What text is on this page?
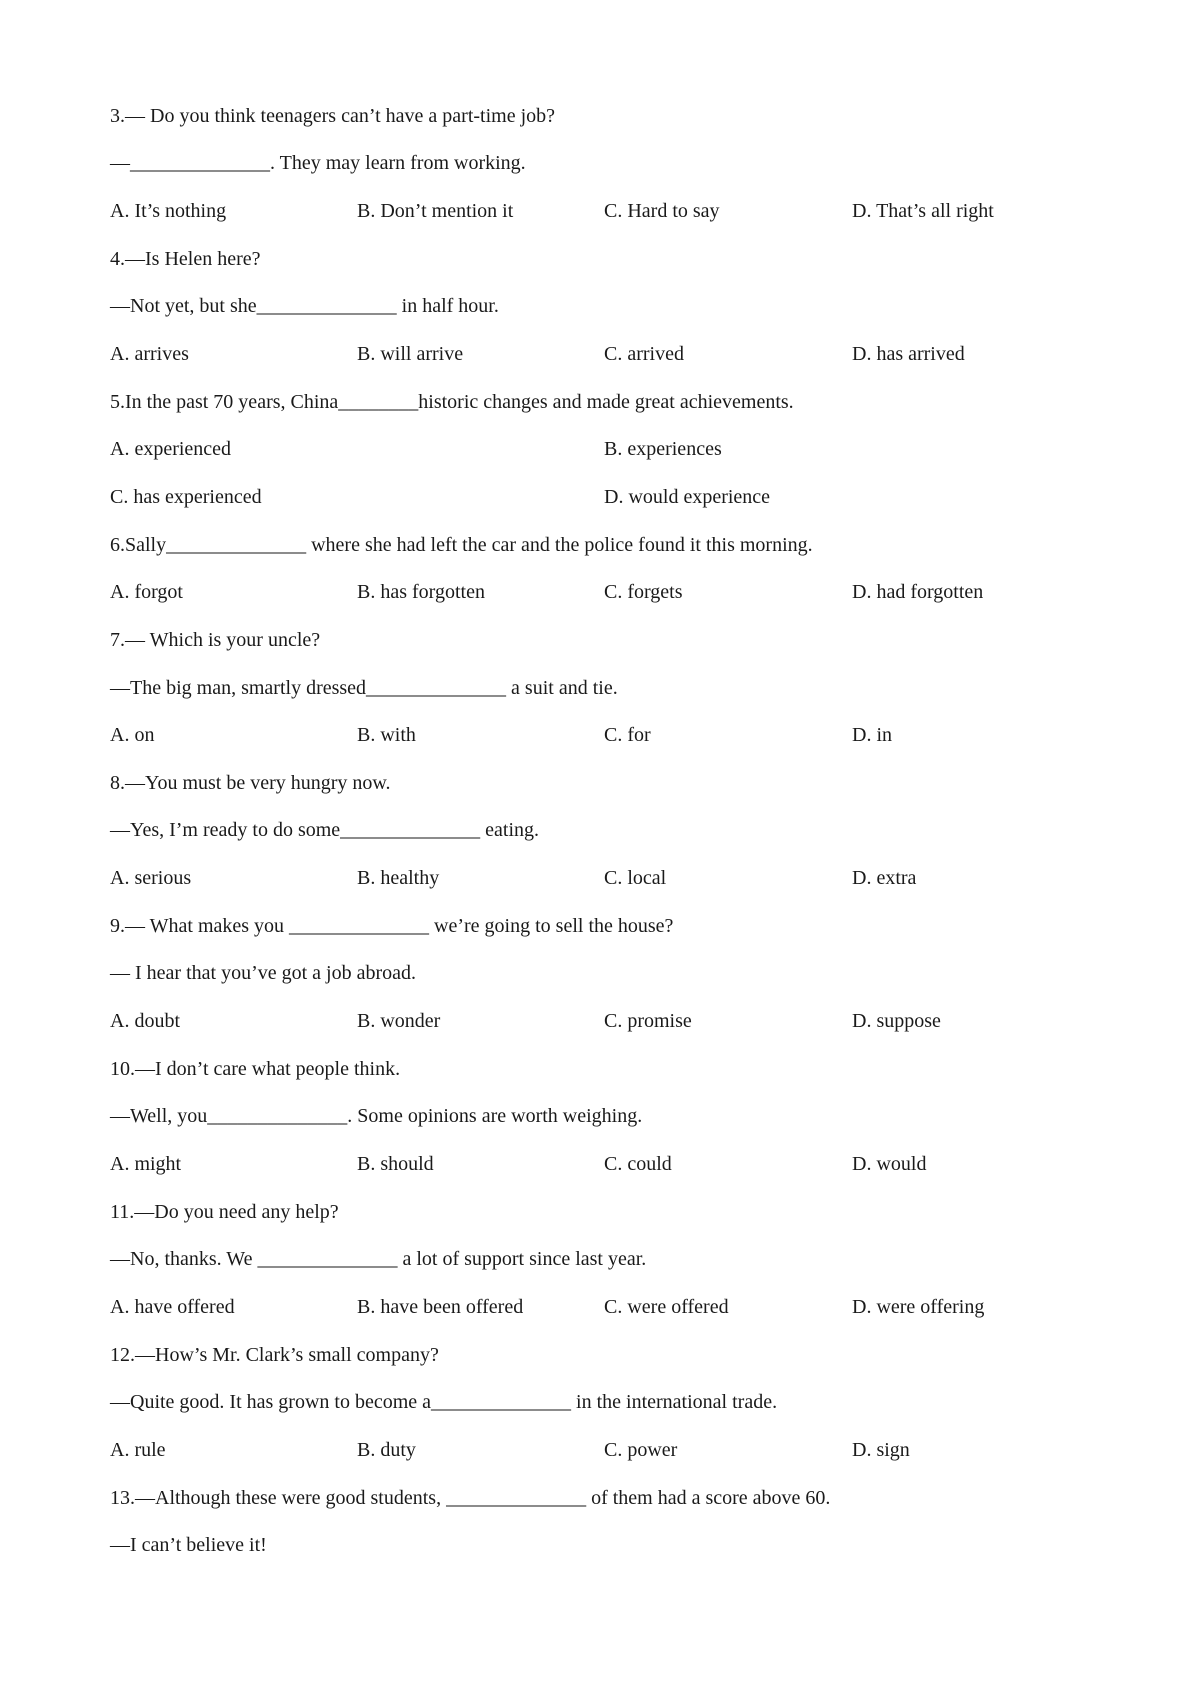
3.— Do you think teenagers can’t have a part-time job?
—______________. They may learn from working.
A. It’s nothing	B. Don’t mention it	C. Hard to say	D. That’s all right
4.—Is Helen here?
—Not yet, but she______________ in half hour.
A. arrives	B. will arrive	C. arrived	D. has arrived
5.In the past 70 years, China________historic changes and made great achievements.
A. experienced	B. experiences
C. has experienced	D. would experience
6.Sally______________ where she had left the car and the police found it this morning.
A. forgot	B. has forgotten	C. forgets	D. had forgotten
7.— Which is your uncle?
—The big man, smartly dressed______________ a suit and tie.
A. on	B. with	C. for	D. in
8.—You must be very hungry now.
—Yes, I’m ready to do some______________ eating.
A. serious	B. healthy	C. local	D. extra
9.— What makes you ______________ we’re going to sell the house?
— I hear that you’ve got a job abroad.
A. doubt	B. wonder	C. promise	D. suppose
10.—I don’t care what people think.
—Well, you______________. Some opinions are worth weighing.
A. might	B. should	C. could	D. would
11.—Do you need any help?
—No, thanks. We ______________ a lot of support since last year.
A. have offered	B. have been offered	C. were offered	D. were offering
12.—How’s Mr. Clark’s small company?
—Quite good. It has grown to become a______________ in the international trade.
A. rule	B. duty	C. power	D. sign
13.—Although these were good students, ______________ of them had a score above 60.
—I can’t believe it!
